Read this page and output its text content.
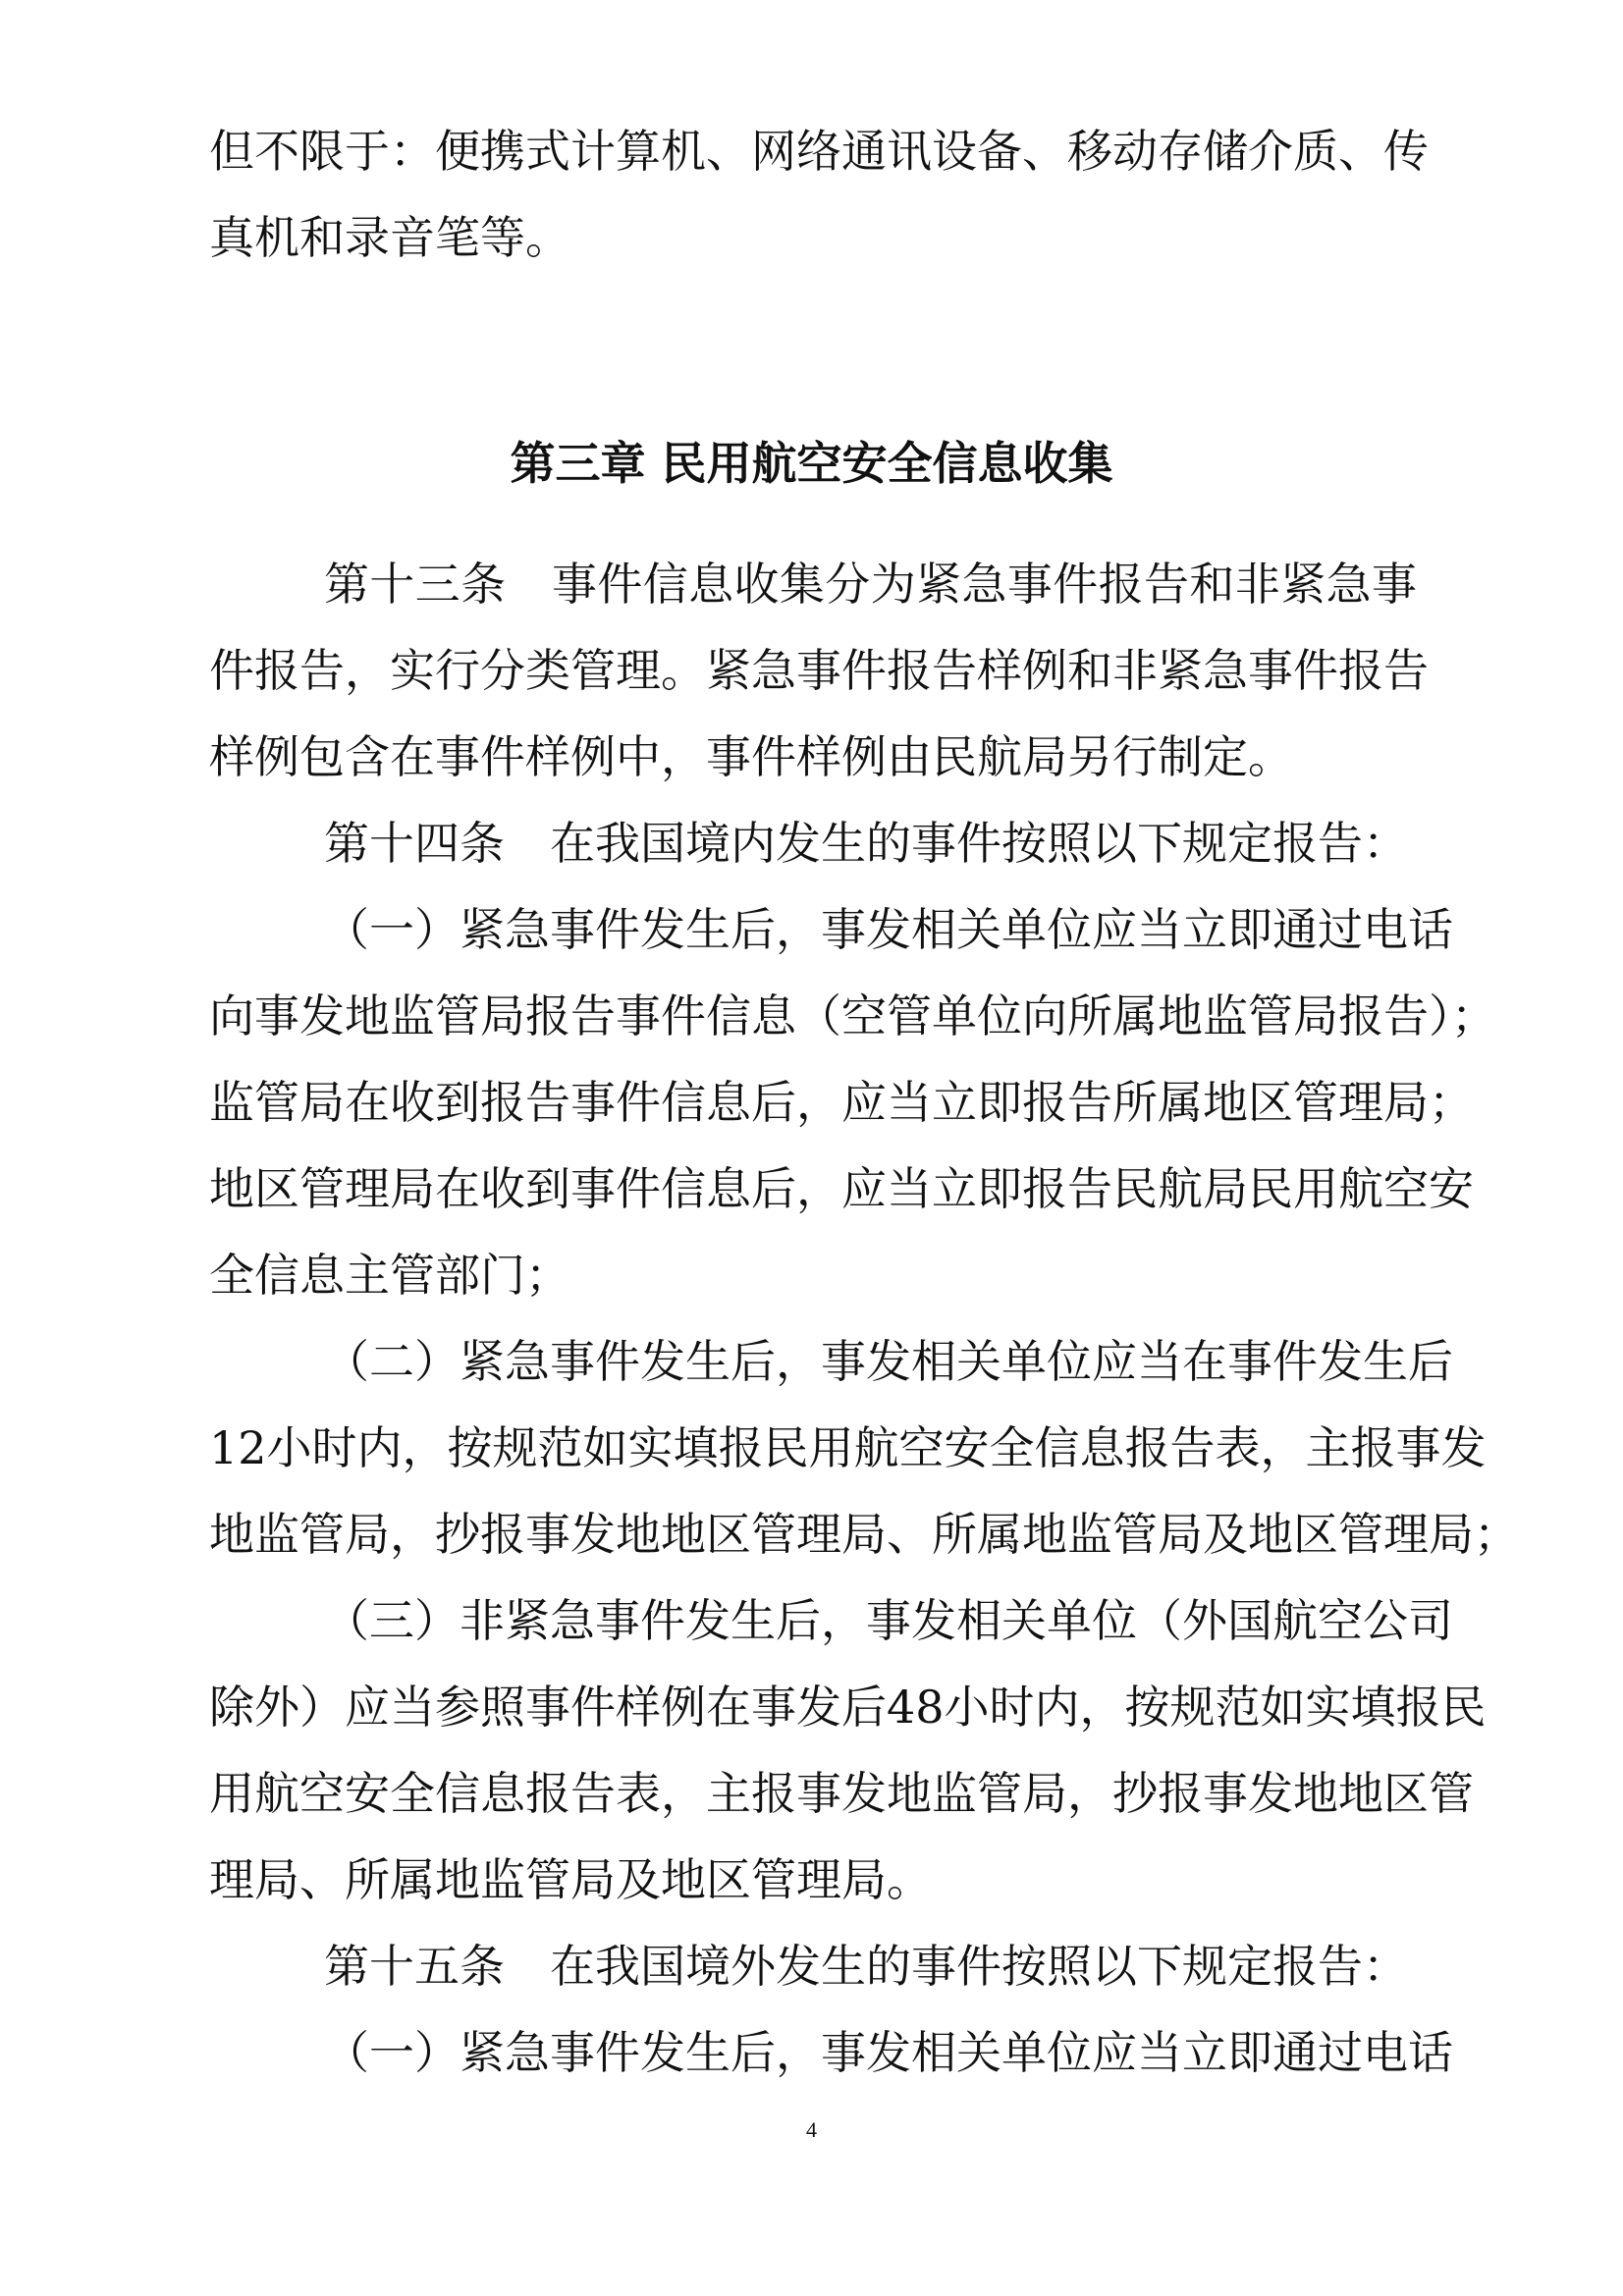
但不限于：便携式计算机、网络通讯设备、移动存储介质、传
真机和录音笔等。
第三章 民用航空安全信息收集
第十三条　事件信息收集分为紧急事件报告和非紧急事
件报告，实行分类管理。紧急事件报告样例和非紧急事件报告
样例包含在事件样例中，事件样例由民航局另行制定。
第十四条　在我国境内发生的事件按照以下规定报告：
（一）紧急事件发生后，事发相关单位应当立即通过电话
向事发地监管局报告事件信息（空管单位向所属地监管局报告）；
监管局在收到报告事件信息后，应当立即报告所属地区管理局；
地区管理局在收到事件信息后，应当立即报告民航局民用航空安
全信息主管部门；
（二）紧急事件发生后，事发相关单位应当在事件发生后
12小时内，按规范如实填报民用航空安全信息报告表，主报事发
地监管局，抄报事发地地区管理局、所属地监管局及地区管理局；
（三）非紧急事件发生后，事发相关单位（外国航空公司
除外）应当参照事件样例在事发后48小时内，按规范如实填报民
用航空安全信息报告表，主报事发地监管局，抄报事发地地区管
理局、所属地监管局及地区管理局。
第十五条　在我国境外发生的事件按照以下规定报告：
（一）紧急事件发生后，事发相关单位应当立即通过电话
4
